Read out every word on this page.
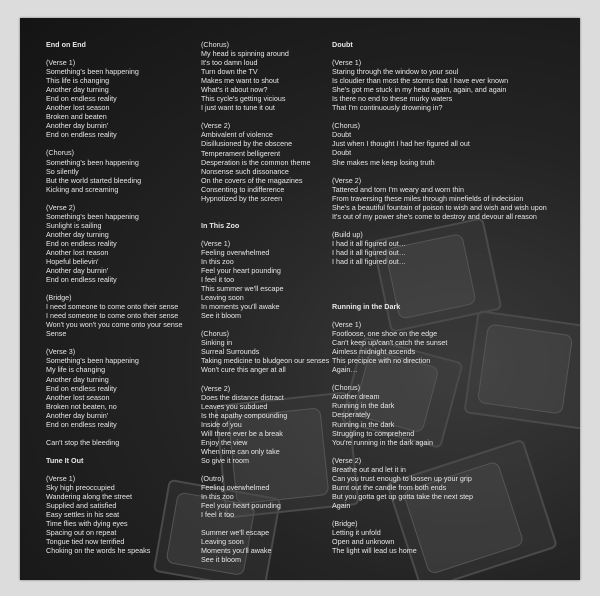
End on End
(Verse 1)
Something's been happening
This life is changing
Another day turning
End on endless reality
Another lost season
Broken and beaten
Another day burnin'
End on endless reality
(Chorus)
Something's been happening
So silently
But the world started bleeding
Kicking and screaming
(Verse 2)
Something's been happening
Sunlight is sailing
Another day turning
End on endless reality
Another lost reason
Hopeful believin'
Another day burnin'
End on endless reality
(Bridge)
I need someone to come onto their sense
I need someone to come onto their sense
Won't you won't you come onto your sense
Sense
(Verse 3)
Something's been happening
My life is changing
Another day turning
End on endless reality
Another lost season
Broken not beaten, no
Another day burnin'
End on endless reality
Can't stop the bleeding
Tune It Out
(Verse 1)
Sky high preoccupied
Wandering along the street
Supplied and satisfied
Easy settles in his seat
Time flies with dying eyes
Spacing out on repeat
Tongue tied now terrified
Choking on the words he speaks
(Chorus)
My head is spinning around
It's too damn loud
Turn down the TV
Makes me want to shout
What's it about now?
This cycle's getting vicious
I just want to tune it out
(Verse 2)
Ambivalent of violence
Disillusioned by the obscene
Temperament belligerent
Desperation is the common theme
Nonsense such dissonance
On the covers of the magazines
Consenting to indifference
Hypnotized by the screen
In This Zoo
(Verse 1)
Feeling overwhelmed
In this zoo
Feel your heart pounding
I feel it too
This summer we'll escape
Leaving soon
In moments you'll awake
See it bloom
(Chorus)
Sinking in
Surreal Surrounds
Taking medicine to bludgeon our senses
Won't cure this anger at all
(Verse 2)
Does the distance distract
Leaves you subdued
Is the apathy compounding
Inside of you
Will there ever be a break
Enjoy the view
When time can only take
So give it room
(Outro)
Feeling overwhelmed
In this zoo
Feel your heart pounding
I feel it too
Summer we'll escape
Leaving soon
Moments you'll awake
See it bloom
Doubt
(Verse 1)
Staring through the window to your soul
Is cloudier than most the storms that I have ever known
She's got me stuck in my head again, again, and again
Is there no end to these murky waters
That I'm continuously drowning in?
(Chorus)
Doubt
Just when I thought I had her figured all out
Doubt
She makes me keep losing truth
(Verse 2)
Tattered and torn I'm weary and worn thin
From traversing these miles through minefields of indecision
She's a beautiful fountain of poison to wish and wish and wish upon
It's out of my power she's come to destroy and devour all reason
(Build up)
I had it all figured out…
I had it all figured out…
I had it all figured out…
Running in the Dark
(Verse 1)
Footloose, one shoe on the edge
Can't keep up/can't catch the sunset
Aimless midnight ascends
This precipice with no direction
Again…
(Chorus)
Another dream
Running in the dark
Desperately
Running in the dark
Struggling to comprehend
You're running in the dark again
(Verse 2)
Breathe out and let it in
Can you trust enough to loosen up your grip
Burnt out the candle from both ends
But you gotta get up gotta take the next step
Again
(Bridge)
Letting it unfold
Open and unknown
The light will lead us home
